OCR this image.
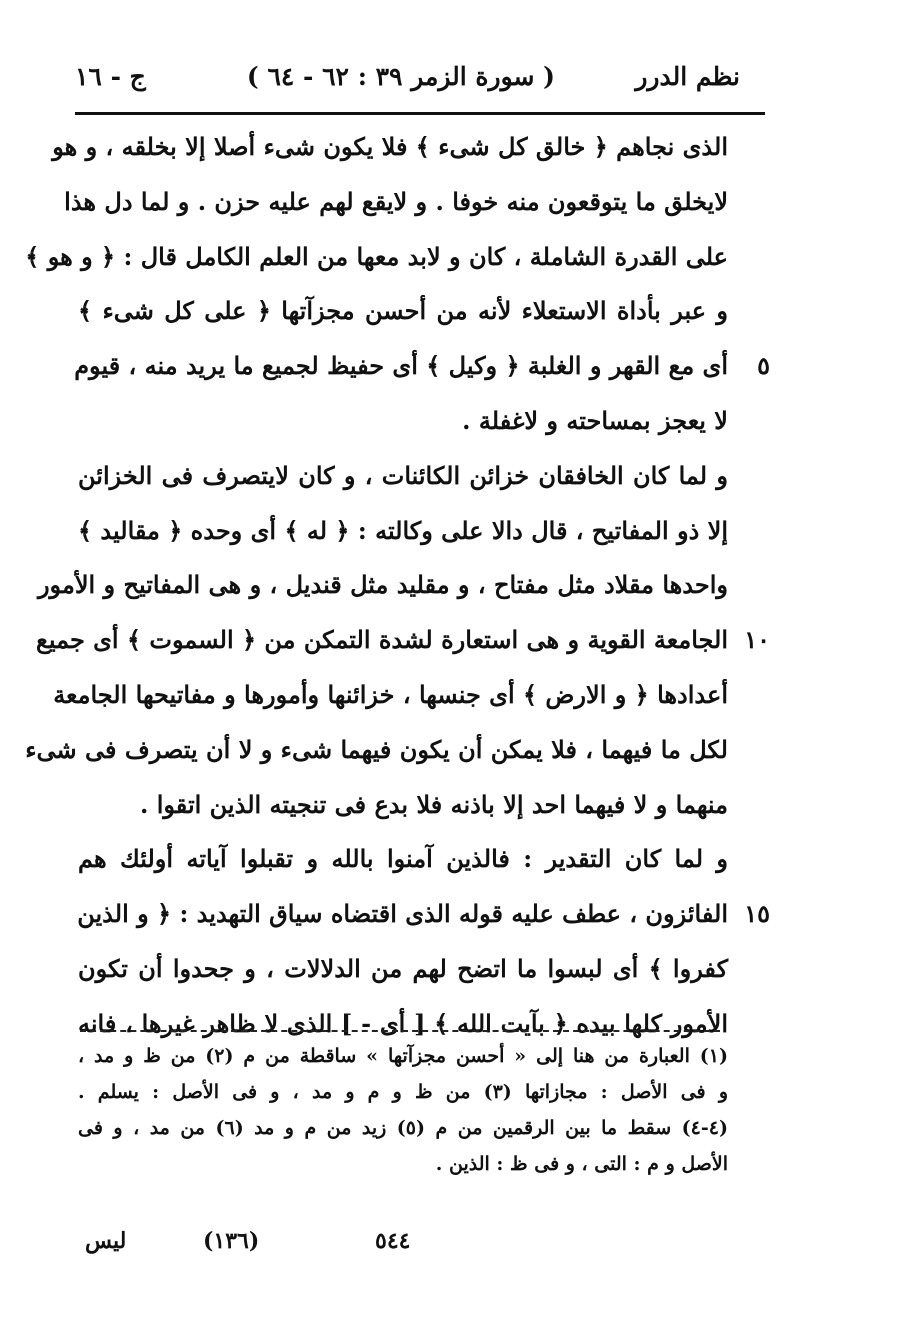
نظم الدرر
( سورة الزمر ٣٩ : ٦٢ - ٦٤ )
ج - ١٦
الذى نجاهم ﴿ خالق كل شىء ﴾ فلا يكون شىء أصلا إلا بخلقه ، و هو
لايخلق ما يتوقعون منه خوفا . و لايقع لهم عليه حزن . و لما دل هذا
على القدرة الشاملة ، كان و لابد معها من العلم الكامل قال : ﴿ و هو ﴾
و عبر بأداة الاستعلاء لأنه من أحسن مجزآتها ﴿ على كل شىء ﴾
أى مع القهر و الغلبة ﴿ وكيل ﴾ أى حفيظ لجميع ما يريد منه ، قيوم ٥
لا يعجز بمساحته و لاغفلة .
و لما كان الخافقان خزائن الكائنات ، و كان لايتصرف فى الخزائن
إلا ذو المفاتيح ، قال دالا على وكالته : ﴿ له ﴾ أى وحده ﴿ مقاليد ﴾
واحدها مقلاد مثل مفتاح ، و مقليد مثل قنديل ، و هى المفاتيح و الأمور
الجامعة القوية و هى استعارة لشدة التمكن من ﴿ السموت ﴾ أى جميع ١٠
أعدادها ﴿ و الارض ﴾ أى جنسها ، خزائنها وأمورها و مفاتيحها الجامعة
لكل ما فيهما ، فلا يمكن أن يكون فيهما شىء و لا أن يتصرف فى شىء
منهما و لا فيهما احد إلا باذنه فلا بدع فى تنجيته الذين اتقوا .
و لما كان التقدير : فالذين آمنوا بالله و تقبلوا آياته أولئك هم
الفائزون ، عطف عليه قوله الذى اقتضاه سياق التهديد : ﴿ و الذين ١٥
كفروا ﴾ أى لبسوا ما اتضح لهم من الدلالات ، و جحدوا أن تكون
الأمور كلها بيده ﴿ بآيت الله ﴾ [ أى - ] الذى لا ظاهر غيرها ، فانه
(١) العبارة من هنا إلى « أحسن مجزآتها » ساقطة من م (٢) من ظ و مد ،
و فى الأصل : مجازاتها (٣) من ظ و م و مد ، و فى الأصل : يسلم .
(٤-٤) سقط ما بين الرقمين من م (٥) زيد من م و مد (٦) من مد ، و فى
الأصل و م : التى ، و فى ظ : الذين .
ليس	(١٣٦)	٥٤٤
